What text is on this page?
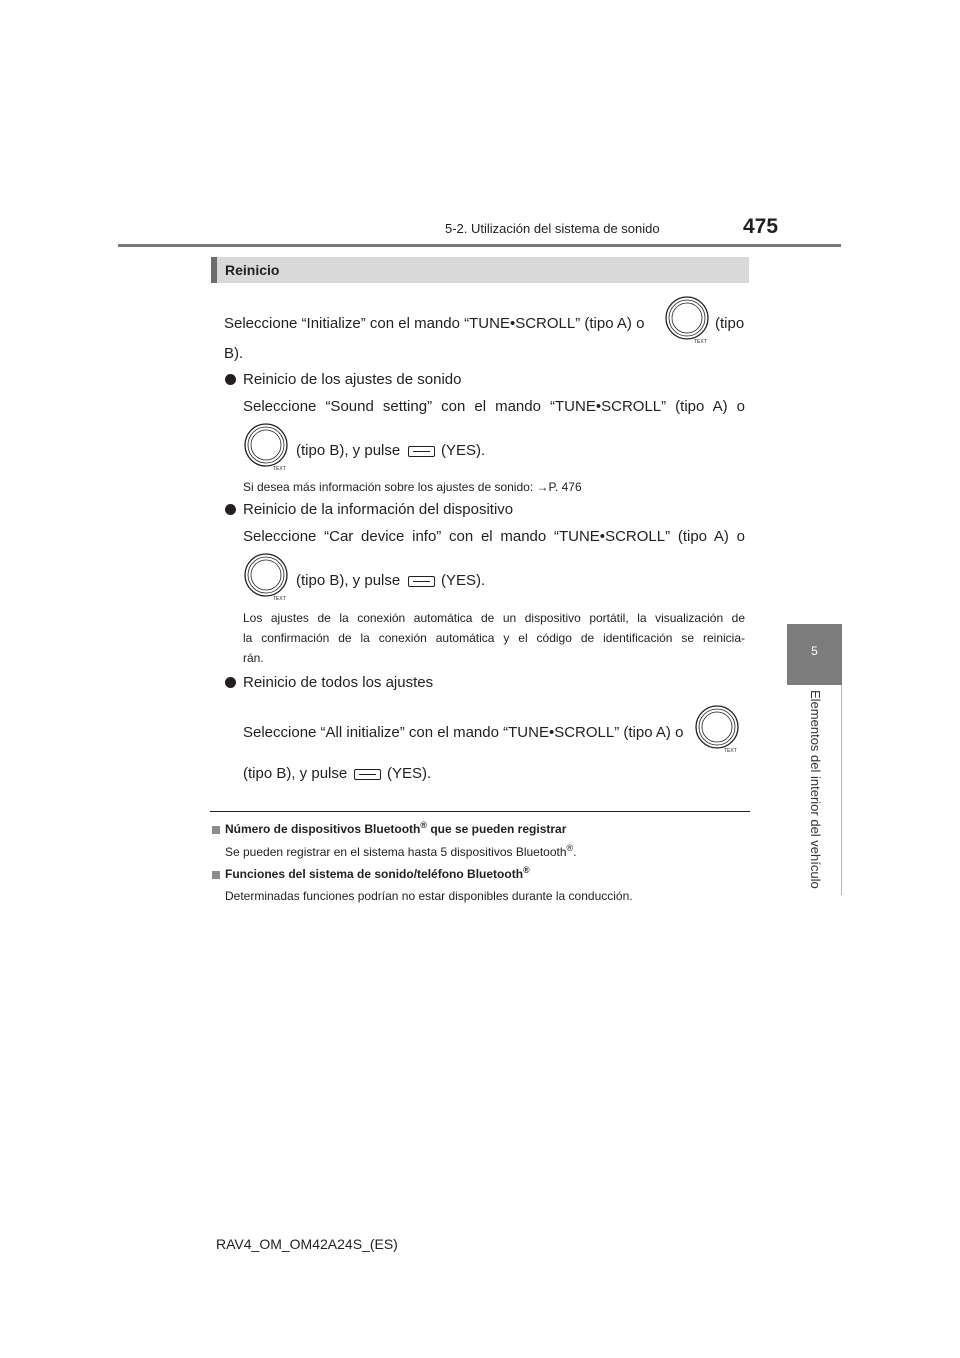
5-2. Utilización del sistema de sonido	475
5
Elementos del interior del vehículo
Reinicio
Seleccione “Initialize” con el mando “TUNE•SCROLL” (tipo A) o
TEXT
(tipo
B).
Reinicio de los ajustes de sonido
Seleccione “Sound setting” con el mando “TUNE•SCROLL” (tipo A) o
TEXT
(tipo B), y pulse	(YES).
Si desea más información sobre los ajustes de sonido: →P. 476
Reinicio de la información del dispositivo
Seleccione “Car device info” con el mando “TUNE•SCROLL” (tipo A) o
TEXT
(tipo B), y pulse	(YES).
Los ajustes de la conexión automática de un dispositivo portátil, la visualización de
la confirmación de la conexión automática y el código de identificación se reinicia-
rán.
Reinicio de todos los ajustes
Seleccione “All initialize” con el mando “TUNE•SCROLL” (tipo A) o
TEXT
(tipo B), y pulse	(YES).
Número de dispositivos Bluetooth® que se pueden registrar
Se pueden registrar en el sistema hasta 5 dispositivos Bluetooth®.
Funciones del sistema de sonido/teléfono Bluetooth®
Determinadas funciones podrían no estar disponibles durante la conducción.
RAV4_OM_OM42A24S_(ES)
